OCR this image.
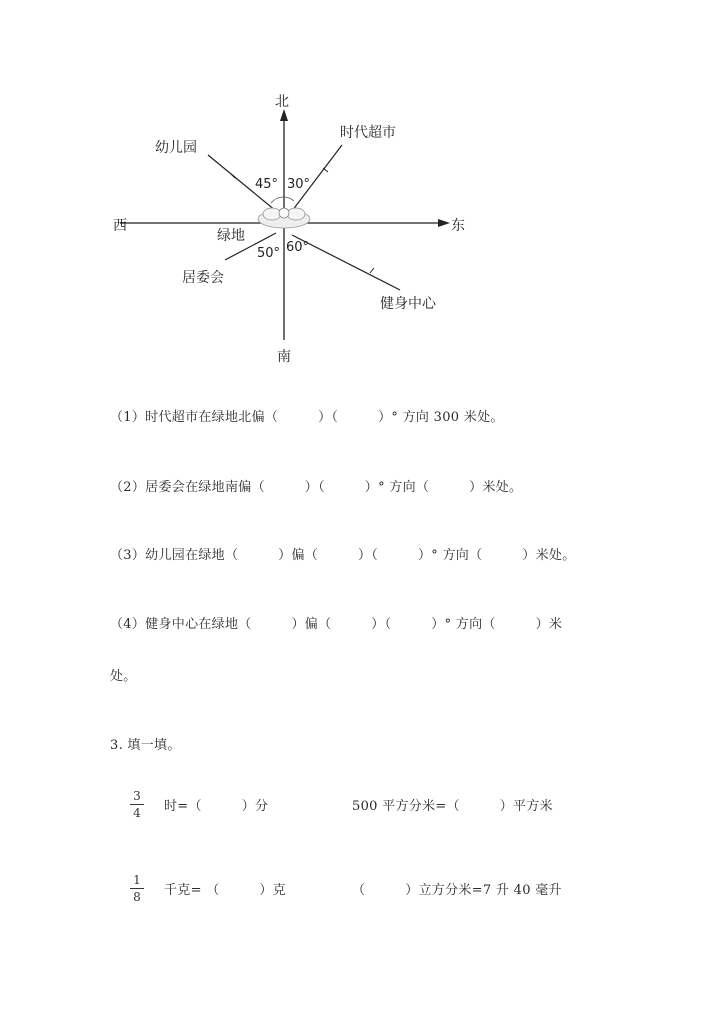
北
南
东
西
绿地
幼儿园
45°
时代超市
30°
居委会
50°
健身中心
60°
（1）时代超市在绿地北偏（　　　）（　　　）° 方向 300 米处。
（2）居委会在绿地南偏（　　　）（　　　）° 方向（　　　）米处。
（3）幼儿园在绿地（　　　）偏（　　　）（　　　）° 方向（　　　）米处。
（4）健身中心在绿地（　　　）偏（　　　）（　　　）° 方向（　　　）米
处。
3. 填一填。
3
4 时=（　　　）分	500 平方分米=（　　　）平方米
1
8 千克= （　　　）克	（　　　）立方分米=7 升 40 毫升
